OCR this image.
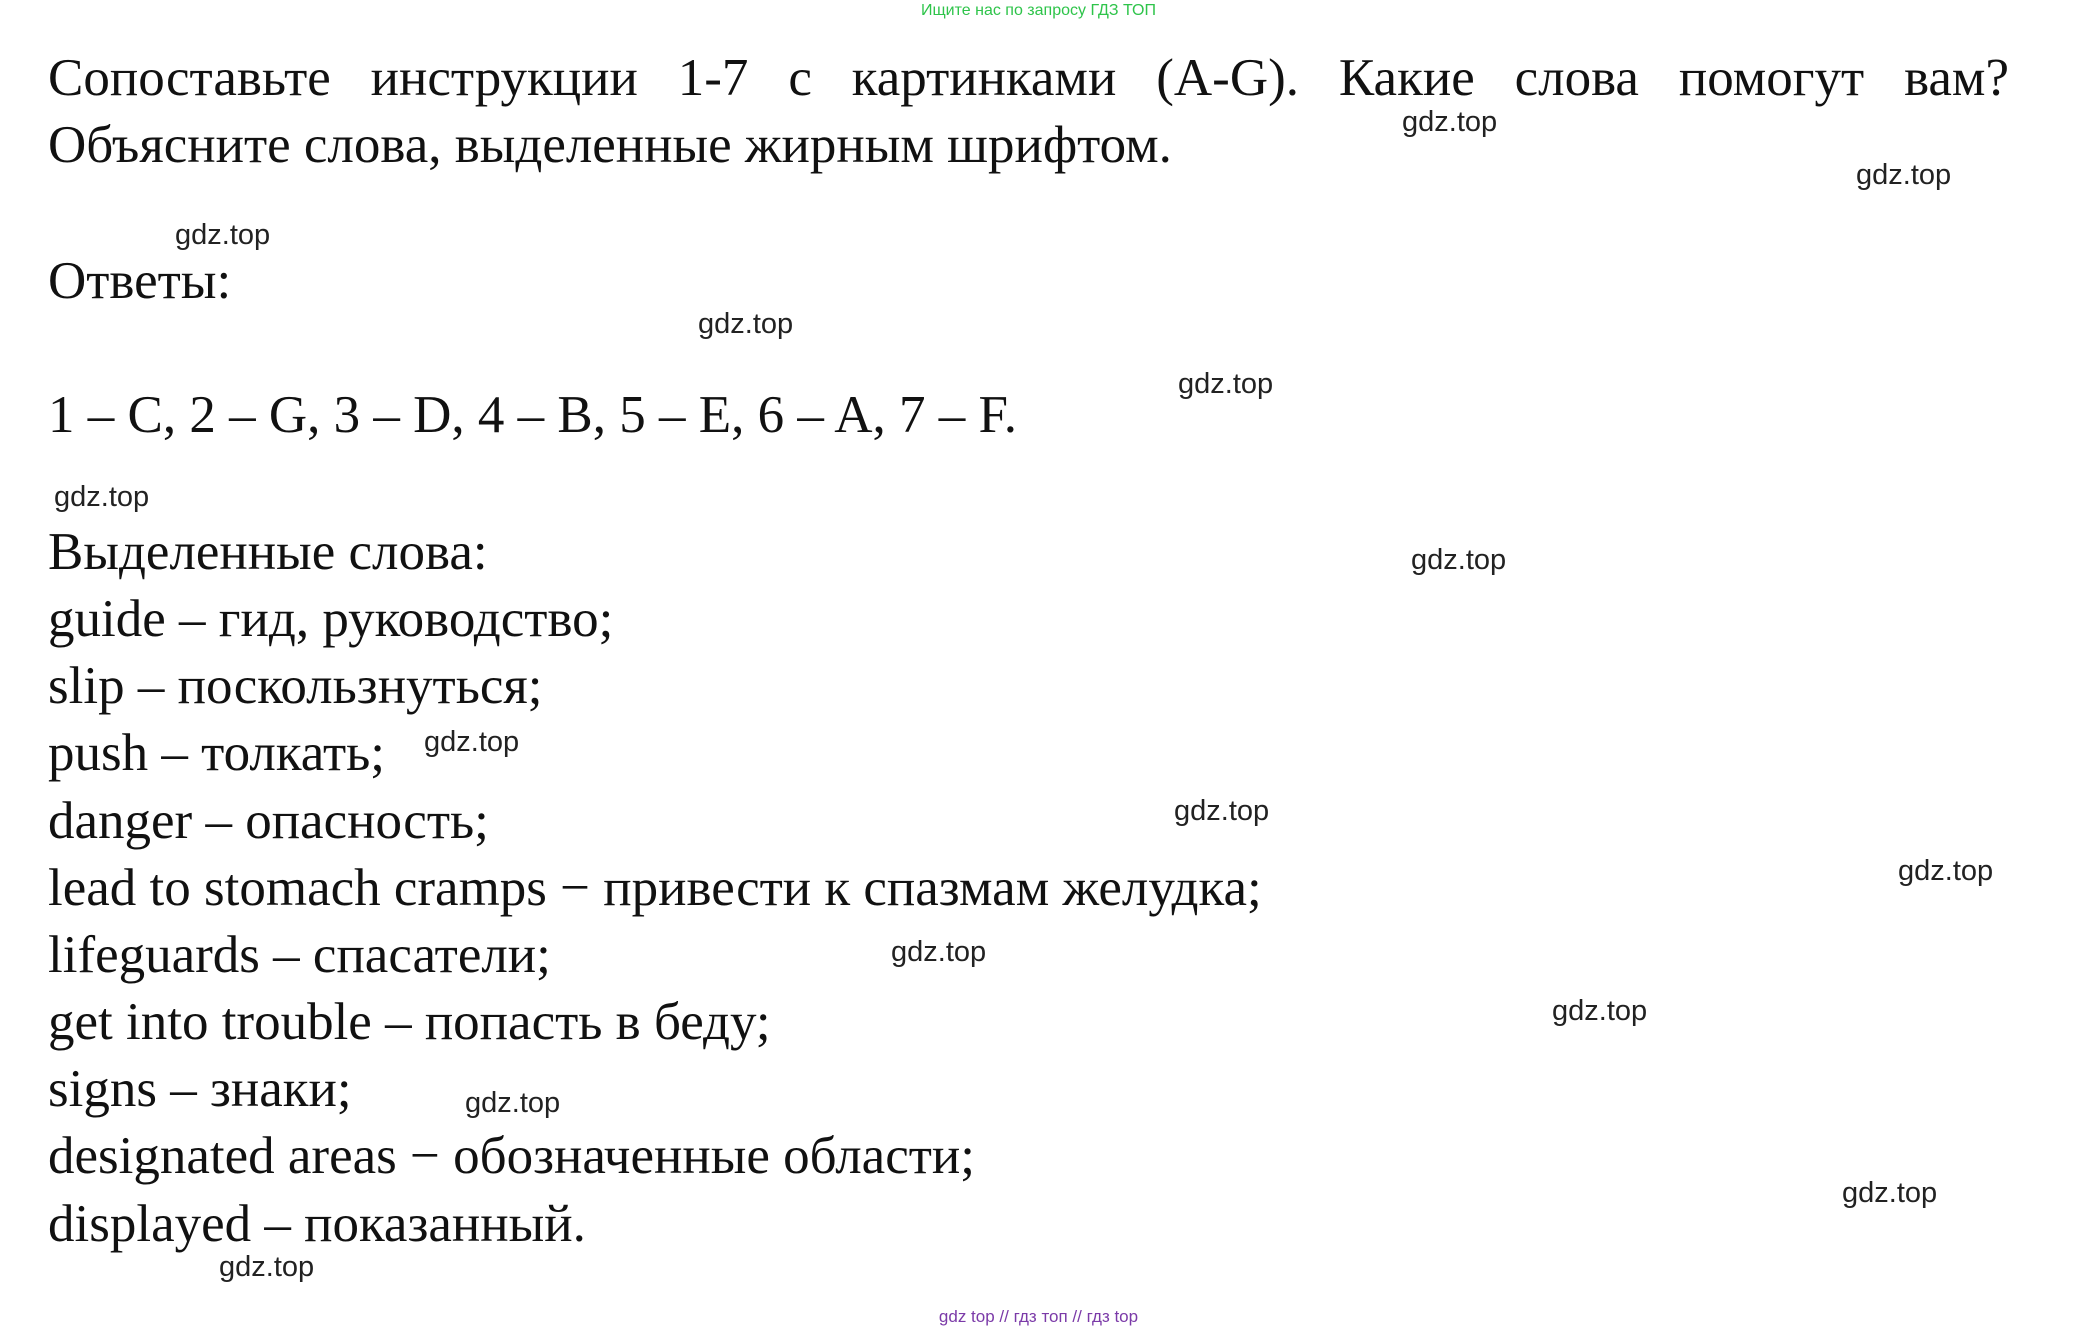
Ищите нас по запросу ГДЗ ТОП
Сопоставьте инструкции 1-7 с картинками (A-G). Какие слова помогут вам?
Объясните слова, выделенные жирным шрифтом.
Ответы:
1 – C, 2 – G, 3 – D, 4 – B, 5 – E, 6 – A, 7 – F.
Выделенные слова:
guide – гид, руководство;
slip – поскользнуться;
push – толкать;
danger – опасность;
lead to stomach cramps − привести к спазмам желудка;
lifeguards – спасатели;
get into trouble – попасть в беду;
signs – знаки;
designated areas − обозначенные области;
displayed – показанный.
gdz.top
gdz.top
gdz.top
gdz.top
gdz.top
gdz.top
gdz.top
gdz.top
gdz.top
gdz.top
gdz.top
gdz.top
gdz.top
gdz.top
gdz.top
gdz top // гдз топ // гдз top
